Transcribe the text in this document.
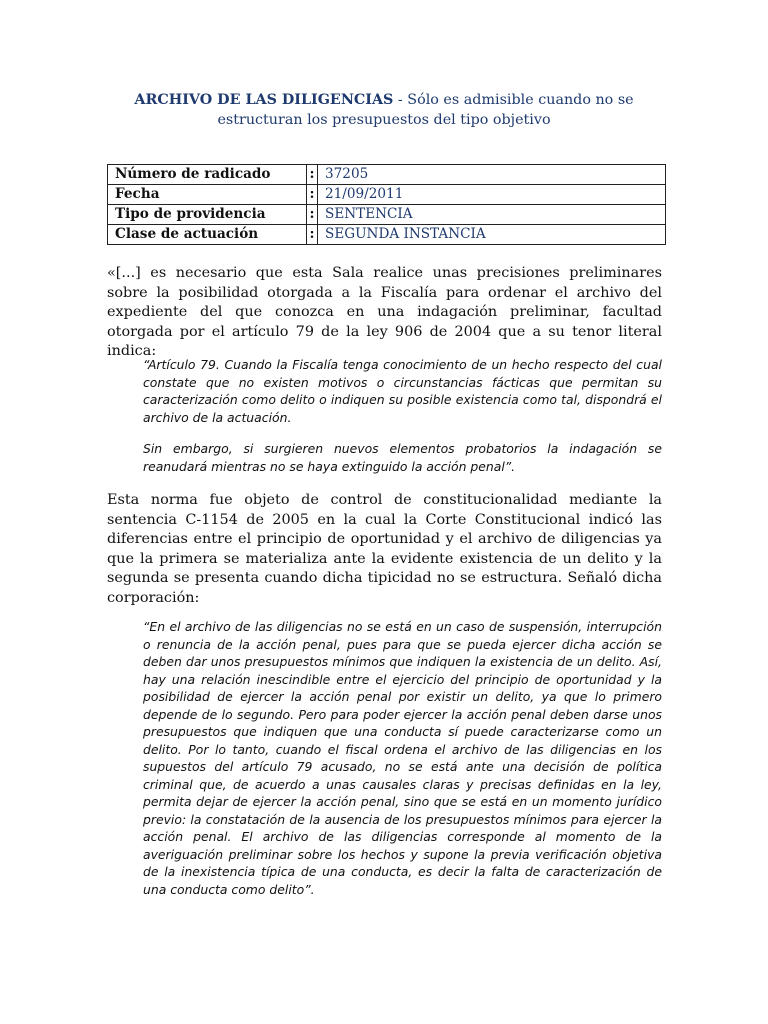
ARCHIVO DE LAS DILIGENCIAS - Sólo es admisible cuando no se estructuran los presupuestos del tipo objetivo
Número de radicado	:	37205
Fecha	:	21/09/2011
Tipo de providencia	:	SENTENCIA
Clase de actuación	:	SEGUNDA INSTANCIA

«[...] es necesario que esta Sala realice unas precisiones preliminares sobre la posibilidad otorgada a la Fiscalía para ordenar el archivo del expediente del que conozca en una indagación preliminar, facultad otorgada por el artículo 79 de la ley 906 de 2004 que a su tenor literal indica:

“Artículo 79. Cuando la Fiscalía tenga conocimiento de un hecho respecto del cual constate que no existen motivos o circunstancias fácticas que permitan su caracterización como delito o indiquen su posible existencia como tal, dispondrá el archivo de la actuación.

Sin embargo, si surgieren nuevos elementos probatorios la indagación se reanudará mientras no se haya extinguido la acción penal”.

Esta norma fue objeto de control de constitucionalidad mediante la sentencia C-1154 de 2005 en la cual la Corte Constitucional indicó las diferencias entre el principio de oportunidad y el archivo de diligencias ya que la primera se materializa ante la evidente existencia de un delito y la segunda se presenta cuando dicha tipicidad no se estructura. Señaló dicha corporación:

“En el archivo de las diligencias no se está en un caso de suspensión, interrupción o renuncia de la acción penal, pues para que se pueda ejercer dicha acción se deben dar unos presupuestos mínimos que indiquen la existencia de un delito. Así, hay una relación inescindible entre el ejercicio del principio de oportunidad y la posibilidad de ejercer la acción penal por existir un delito, ya que lo primero depende de lo segundo. Pero para poder ejercer la acción penal deben darse unos presupuestos que indiquen que una conducta sí puede caracterizarse como un delito. Por lo tanto, cuando el fiscal ordena el archivo de las diligencias en los supuestos del artículo 79 acusado, no se está ante una decisión de política criminal que, de acuerdo a unas causales claras y precisas definidas en la ley, permita dejar de ejercer la acción penal, sino que se está en un momento jurídico previo: la constatación de la ausencia de los presupuestos mínimos para ejercer la acción penal. El archivo de las diligencias corresponde al momento de la averiguación preliminar sobre los hechos y supone la previa verificación objetiva de la inexistencia típica de una conducta, es decir la falta de caracterización de una conducta como delito”.
